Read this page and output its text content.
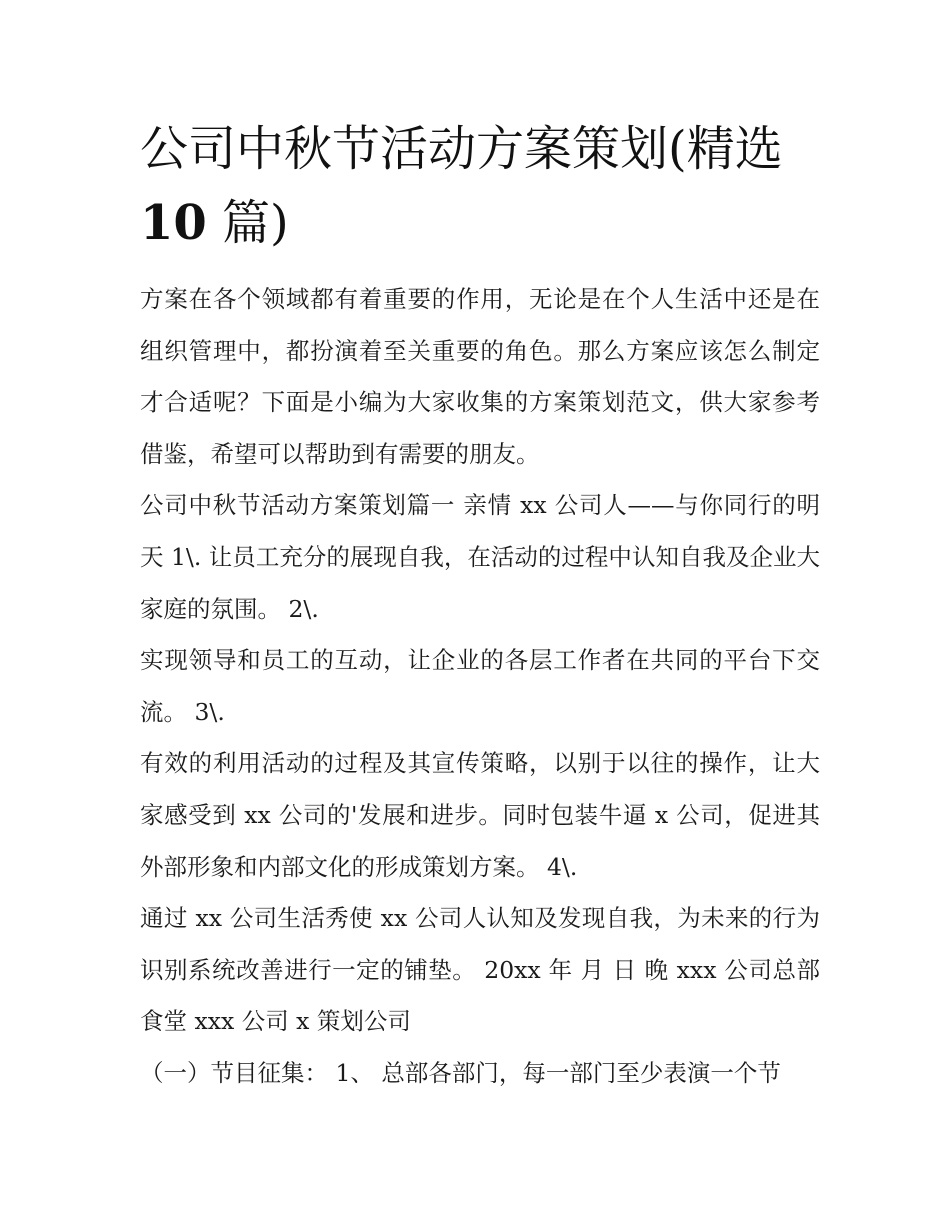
公司中秋节活动方案策划(精选
10 篇)

方案在各个领域都有着重要的作用，无论是在个人生活中还是在组织管理中，都扮演着至关重要的角色。那么方案应该怎么制定才合适呢？下面是小编为大家收集的方案策划范文，供大家参考借鉴，希望可以帮助到有需要的朋友。

公司中秋节活动方案策划篇一 亲情 xx 公司人——与你同行的明天 1\. 让员工充分的展现自我，在活动的过程中认知自我及企业大家庭的氛围。 2\.

实现领导和员工的互动，让企业的各层工作者在共同的平台下交流。 3\.

有效的利用活动的过程及其宣传策略，以别于以往的操作，让大家感受到 xx 公司的'发展和进步。同时包装牛逼 x 公司，促进其外部形象和内部文化的形成策划方案。 4\.

通过 xx 公司生活秀使 xx 公司人认知及发现自我，为未来的行为识别系统改善进行一定的铺垫。 20xx 年 月 日 晚 xxx 公司总部食堂 xxx 公司 x 策划公司

（一）节目征集： 1、 总部各部门，每一部门至少表演一个节
